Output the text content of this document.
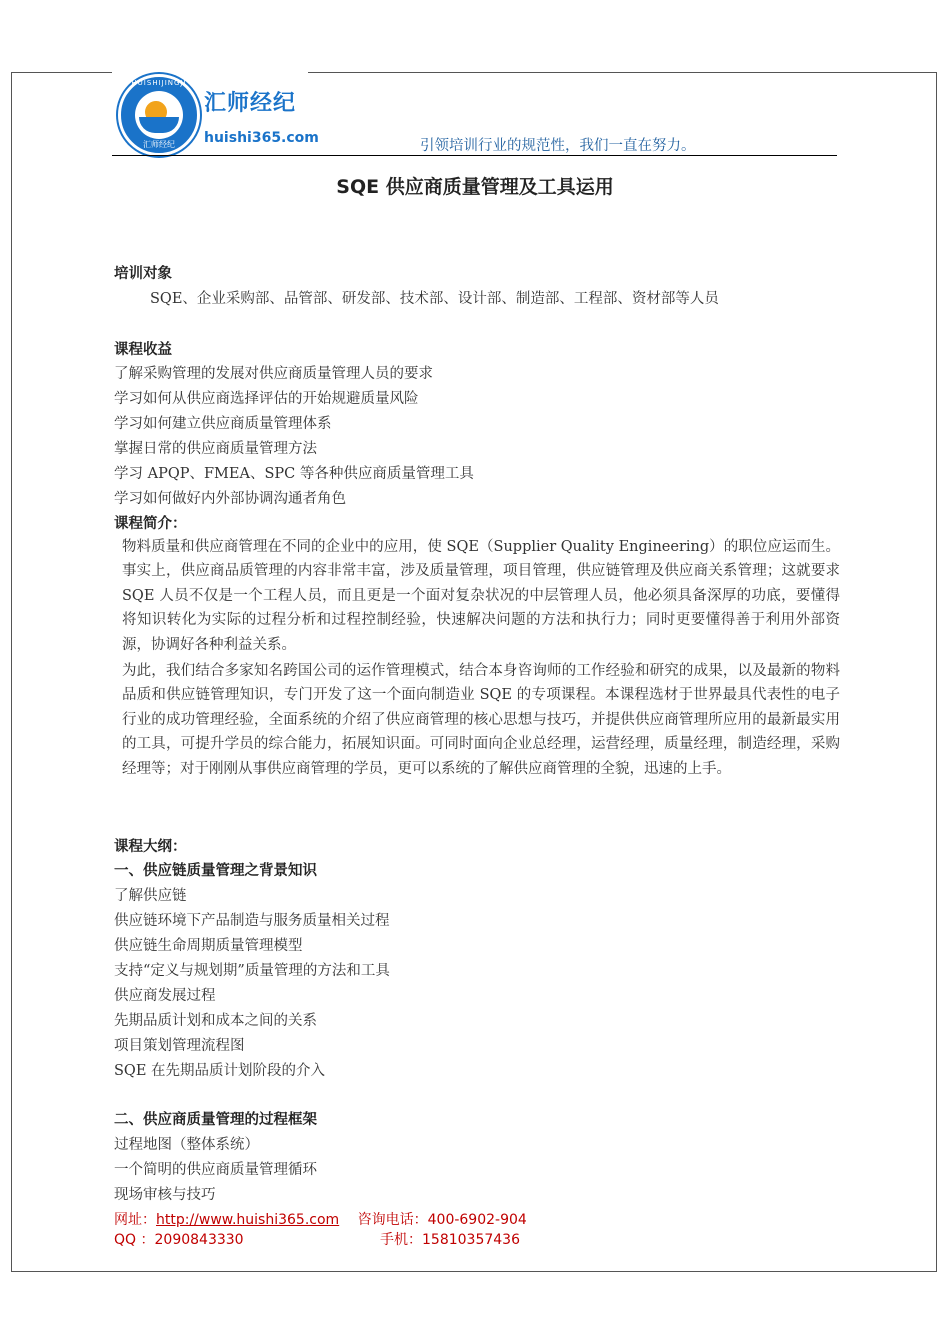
HUISHIJINGJI
汇师经纪
汇师经纪
huishi365.com	引领培训行业的规范性，我们一直在努力。
SQE 供应商质量管理及工具运用
培训对象
SQE、企业采购部、品管部、研发部、技术部、设计部、制造部、工程部、资材部等人员
课程收益
了解采购管理的发展对供应商质量管理人员的要求
学习如何从供应商选择评估的开始规避质量风险
学习如何建立供应商质量管理体系
掌握日常的供应商质量管理方法
学习 APQP、FMEA、SPC 等各种供应商质量管理工具
学习如何做好内外部协调沟通者角色
课程简介：
物料质量和供应商管理在不同的企业中的应用，使 SQE（Supplier Quality Engineering）的职位应运而生。事实上，供应商品质管理的内容非常丰富，涉及质量管理，项目管理，供应链管理及供应商关系管理；这就要求 SQE 人员不仅是一个工程人员，而且更是一个面对复杂状况的中层管理人员，他必须具备深厚的功底，要懂得将知识转化为实际的过程分析和过程控制经验，快速解决问题的方法和执行力；同时更要懂得善于利用外部资源，协调好各种利益关系。
为此，我们结合多家知名跨国公司的运作管理模式，结合本身咨询师的工作经验和研究的成果，以及最新的物料品质和供应链管理知识，专门开发了这一个面向制造业 SQE 的专项课程。本课程选材于世界最具代表性的电子行业的成功管理经验，全面系统的介绍了供应商管理的核心思想与技巧，并提供供应商管理所应用的最新最实用的工具，可提升学员的综合能力，拓展知识面。可同时面向企业总经理，运营经理，质量经理，制造经理，采购经理等；对于刚刚从事供应商管理的学员，更可以系统的了解供应商管理的全貌，迅速的上手。
课程大纲：
一、供应链质量管理之背景知识
了解供应链
供应链环境下产品制造与服务质量相关过程
供应链生命周期质量管理模型
支持“定义与规划期”质量管理的方法和工具
供应商发展过程
先期品质计划和成本之间的关系
项目策划管理流程图
SQE 在先期品质计划阶段的介入
二、供应商质量管理的过程框架
过程地图（整体系统）
一个简明的供应商质量管理循环
现场审核与技巧
网址：http://www.huishi365.com 咨询电话：400-6902-904
QQ ：2090843330	手机：15810357436
